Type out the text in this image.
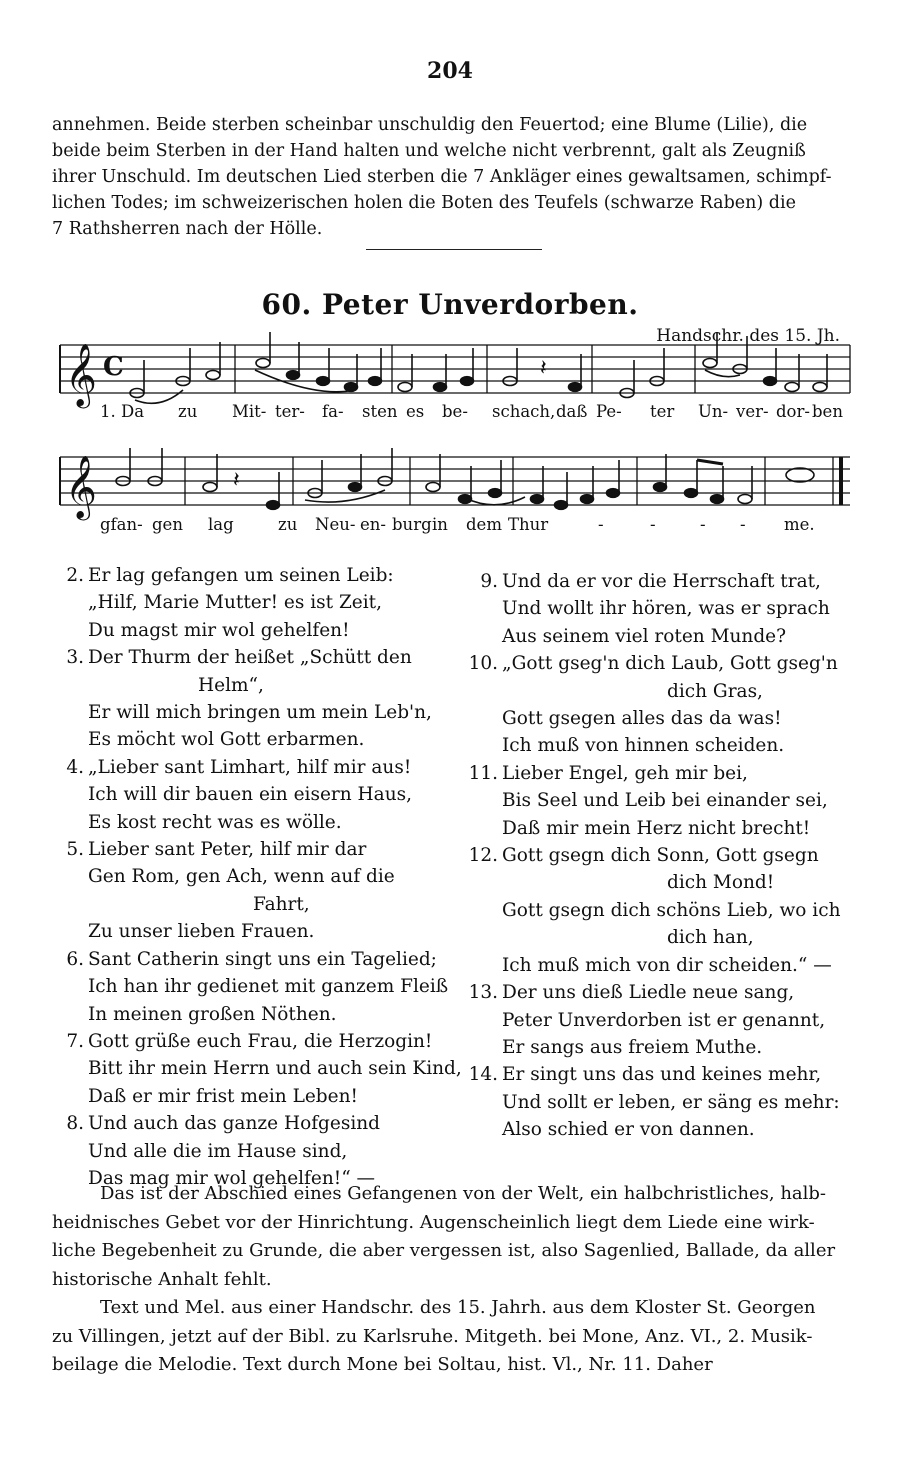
204
annehmen. Beide sterben scheinbar unschuldig den Feuertod; eine Blume (Lilie), die
beide beim Sterben in der Hand halten und welche nicht verbrennt, galt als Zeugniß
ihrer Unschuld. Im deutschen Lied sterben die 7 Ankläger eines gewaltsamen, schimpf-
lichen Todes; im schweizerischen holen die Boten des Teufels (schwarze Raben) die
7 Rathsherren nach der Hölle.
60. Peter Unverdorben.
Handschr. des 15. Jh.
𝄞 C	𝄽
1. Da zu Mit- ter- fa- sten es be- schach, daß Pe- ter Un- ver- dor- ben
𝄞	𝄽
gfan- gen lag	zu Neu- en- burg in dem Thur	-	-	- - me.
2. Er lag gefangen um seinen Leib:
„Hilf, Marie Mutter! es ist Zeit,
Du magst mir wol gehelfen!
3. Der Thurm der heißet „Schütt den
Helm“,
Er will mich bringen um mein Leb'n,
Es möcht wol Gott erbarmen.
4. „Lieber sant Limhart, hilf mir aus!
Ich will dir bauen ein eisern Haus,
Es kost recht was es wölle.
5. Lieber sant Peter, hilf mir dar
Gen Rom, gen Ach, wenn auf die
Fahrt,
Zu unser lieben Frauen.
6. Sant Catherin singt uns ein Tagelied;
Ich han ihr gedienet mit ganzem Fleiß
In meinen großen Nöthen.
7. Gott grüße euch Frau, die Herzogin!
Bitt ihr mein Herrn und auch sein Kind,
Daß er mir frist mein Leben!
8. Und auch das ganze Hofgesind
Und alle die im Hause sind,
Das mag mir wol gehelfen!“ —
9. Und da er vor die Herrschaft trat,
Und wollt ihr hören, was er sprach
Aus seinem viel roten Munde?
10. „Gott gseg'n dich Laub, Gott gseg'n
dich Gras,
Gott gsegen alles das da was!
Ich muß von hinnen scheiden.
11. Lieber Engel, geh mir bei,
Bis Seel und Leib bei einander sei,
Daß mir mein Herz nicht brecht!
12. Gott gsegn dich Sonn, Gott gsegn
dich Mond!
Gott gsegn dich schöns Lieb, wo ich
dich han,
Ich muß mich von dir scheiden.“ —
13. Der uns dieß Liedle neue sang,
Peter Unverdorben ist er genannt,
Er sangs aus freiem Muthe.
14. Er singt uns das und keines mehr,
Und sollt er leben, er säng es mehr:
Also schied er von dannen.
Das ist der Abschied eines Gefangenen von der Welt, ein halbchristliches, halb-
heidnisches Gebet vor der Hinrichtung. Augenscheinlich liegt dem Liede eine wirk-
liche Begebenheit zu Grunde, die aber vergessen ist, also Sagenlied, Ballade, da aller
historische Anhalt fehlt.
Text und Mel. aus einer Handschr. des 15. Jahrh. aus dem Kloster St. Georgen
zu Villingen, jetzt auf der Bibl. zu Karlsruhe. Mitgeth. bei Mone, Anz. VI., 2. Musik-
beilage die Melodie. Text durch Mone bei Soltau, hist. Vl., Nr. 11. Daher
